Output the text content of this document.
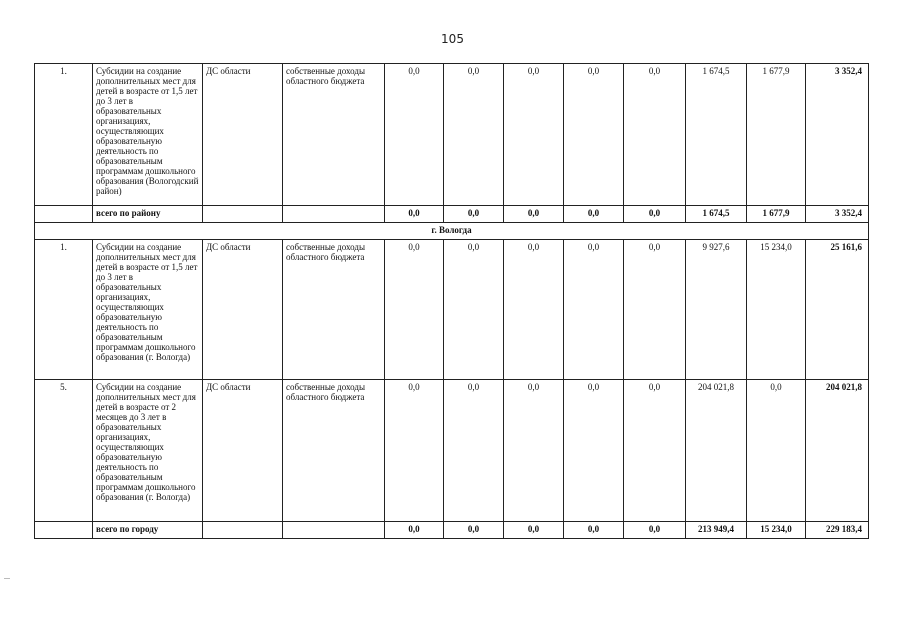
105
1.	Субсидии на создание дополнительных мест для детей в возрасте от 1,5 лет до 3 лет в образовательных организациях, осуществляющих образовательную деятельность по образовательным программам дошкольного образования (Вологодский район)	ДС области	собственные доходы областного бюджета	0,0	0,0	0,0	0,0	0,0	1 674,5	1 677,9	3 352,4
	всего по району			0,0	0,0	0,0	0,0	0,0	1 674,5	1 677,9	3 352,4
г. Вологда											
1.	Субсидии на создание дополнительных мест для детей в возрасте от 1,5 лет до 3 лет в образовательных организациях, осуществляющих образовательную деятельность по образовательным программам дошкольного образования (г. Вологда)	ДС области	собственные доходы областного бюджета	0,0	0,0	0,0	0,0	0,0	9 927,6	15 234,0	25 161,6
5.	Субсидии на создание дополнительных мест для детей в возрасте от 2 месяцев до 3 лет в образовательных организациях, осуществляющих образовательную деятельность по образовательным программам дошкольного образования (г. Вологда)	ДС области	собственные доходы областного бюджета	0,0	0,0	0,0	0,0	0,0	204 021,8	0,0	204 021,8
	всего по городу			0,0	0,0	0,0	0,0	0,0	213 949,4	15 234,0	229 183,4
